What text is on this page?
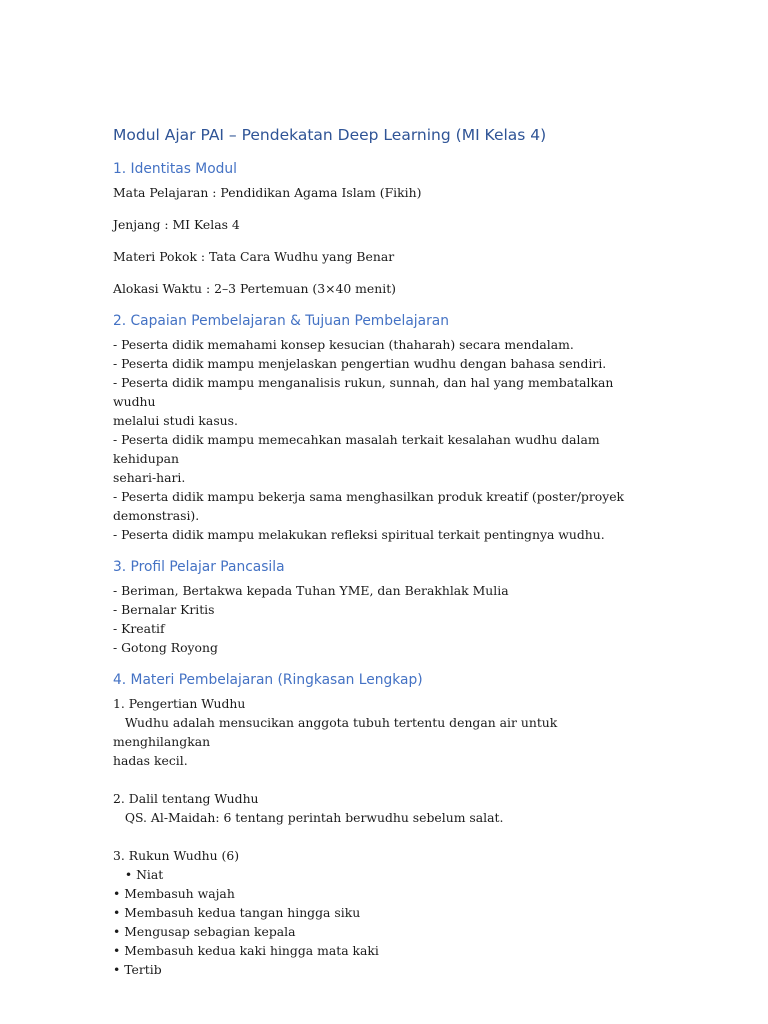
Modul Ajar PAI – Pendekatan Deep Learning (MI Kelas 4)
1. Identitas Modul

Mata Pelajaran : Pendidikan Agama Islam (Fikih)

Jenjang : MI Kelas 4

Materi Pokok : Tata Cara Wudhu yang Benar

Alokasi Waktu : 2–3 Pertemuan (3×40 menit)

2. Capaian Pembelajaran & Tujuan Pembelajaran

- Peserta didik memahami konsep kesucian (thaharah) secara mendalam.

- Peserta didik mampu menjelaskan pengertian wudhu dengan bahasa sendiri.

- Peserta didik mampu menganalisis rukun, sunnah, dan hal yang membatalkan wudhu

melalui studi kasus.

- Peserta didik mampu memecahkan masalah terkait kesalahan wudhu dalam kehidupan

sehari-hari.

- Peserta didik mampu bekerja sama menghasilkan produk kreatif (poster/proyek

demonstrasi).

- Peserta didik mampu melakukan refleksi spiritual terkait pentingnya wudhu.

3. Profil Pelajar Pancasila

- Beriman, Bertakwa kepada Tuhan YME, dan Berakhlak Mulia

- Bernalar Kritis

- Kreatif

- Gotong Royong

4. Materi Pembelajaran (Ringkasan Lengkap)

1. Pengertian Wudhu

Wudhu adalah mensucikan anggota tubuh tertentu dengan air untuk menghilangkan

hadas kecil.

2. Dalil tentang Wudhu

QS. Al-Maidah: 6 tentang perintah berwudhu sebelum salat.

3. Rukun Wudhu (6)

• Niat

• Membasuh wajah

• Membasuh kedua tangan hingga siku

• Mengusap sebagian kepala

• Membasuh kedua kaki hingga mata kaki

• Tertib
